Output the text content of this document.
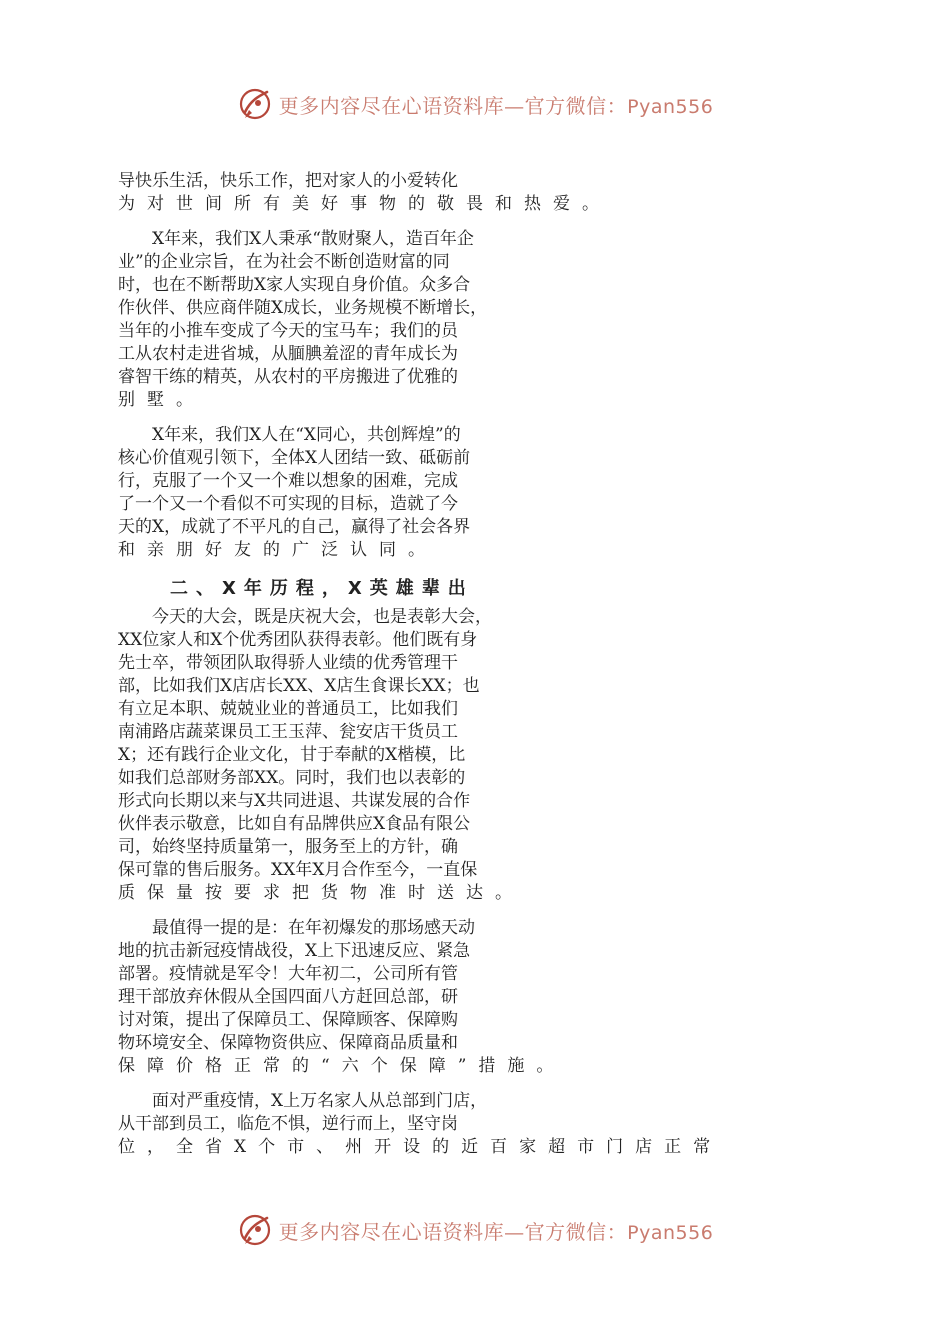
更多内容尽在心语资料库—官方微信：Pyan556
导快乐生活，快乐工作，把对家人的小爱转化
为对世间所有美好事物的敬畏和热爱。
　　X年来，我们X人秉承“散财聚人，造百年企
业”的企业宗旨，在为社会不断创造财富的同
时，也在不断帮助X家人实现自身价值。众多合
作伙伴、供应商伴随X成长，业务规模不断增长，
当年的小推车变成了今天的宝马车；我们的员
工从农村走进省城，从腼腆羞涩的青年成长为
睿智干练的精英，从农村的平房搬进了优雅的
别墅。
　　X年来，我们X人在“X同心，共创辉煌”的
核心价值观引领下，全体X人团结一致、砥砺前
行，克服了一个又一个难以想象的困难，完成
了一个又一个看似不可实现的目标，造就了今
天的X，成就了不平凡的自己，赢得了社会各界
和亲朋好友的广泛认同。
二、X年历程，X英雄辈出
　　今天的大会，既是庆祝大会，也是表彰大会，
XX位家人和X个优秀团队获得表彰。他们既有身
先士卒，带领团队取得骄人业绩的优秀管理干
部，比如我们X店店长XX、X店生食课长XX；也
有立足本职、兢兢业业的普通员工，比如我们
南浦路店蔬菜课员工王玉萍、瓮安店干货员工
X；还有践行企业文化，甘于奉献的X楷模，比
如我们总部财务部XX。同时，我们也以表彰的
形式向长期以来与X共同进退、共谋发展的合作
伙伴表示敬意，比如自有品牌供应X食品有限公
司，始终坚持质量第一，服务至上的方针，确
保可靠的售后服务。XX年X月合作至今，一直保
质保量按要求把货物准时送达。
　　最值得一提的是：在年初爆发的那场感天动
地的抗击新冠疫情战役，X上下迅速反应、紧急
部署。疫情就是军令！大年初二，公司所有管
理干部放弃休假从全国四面八方赶回总部，研
讨对策，提出了保障员工、保障顾客、保障购
物环境安全、保障物资供应、保障商品质量和
保障价格正常的“六个保障”措施。
　　面对严重疫情，X上万名家人从总部到门店，
从干部到员工，临危不惧，逆行而上，坚守岗
位，全省X个市、州开设的近百家超市门店正常
更多内容尽在心语资料库—官方微信：Pyan556
